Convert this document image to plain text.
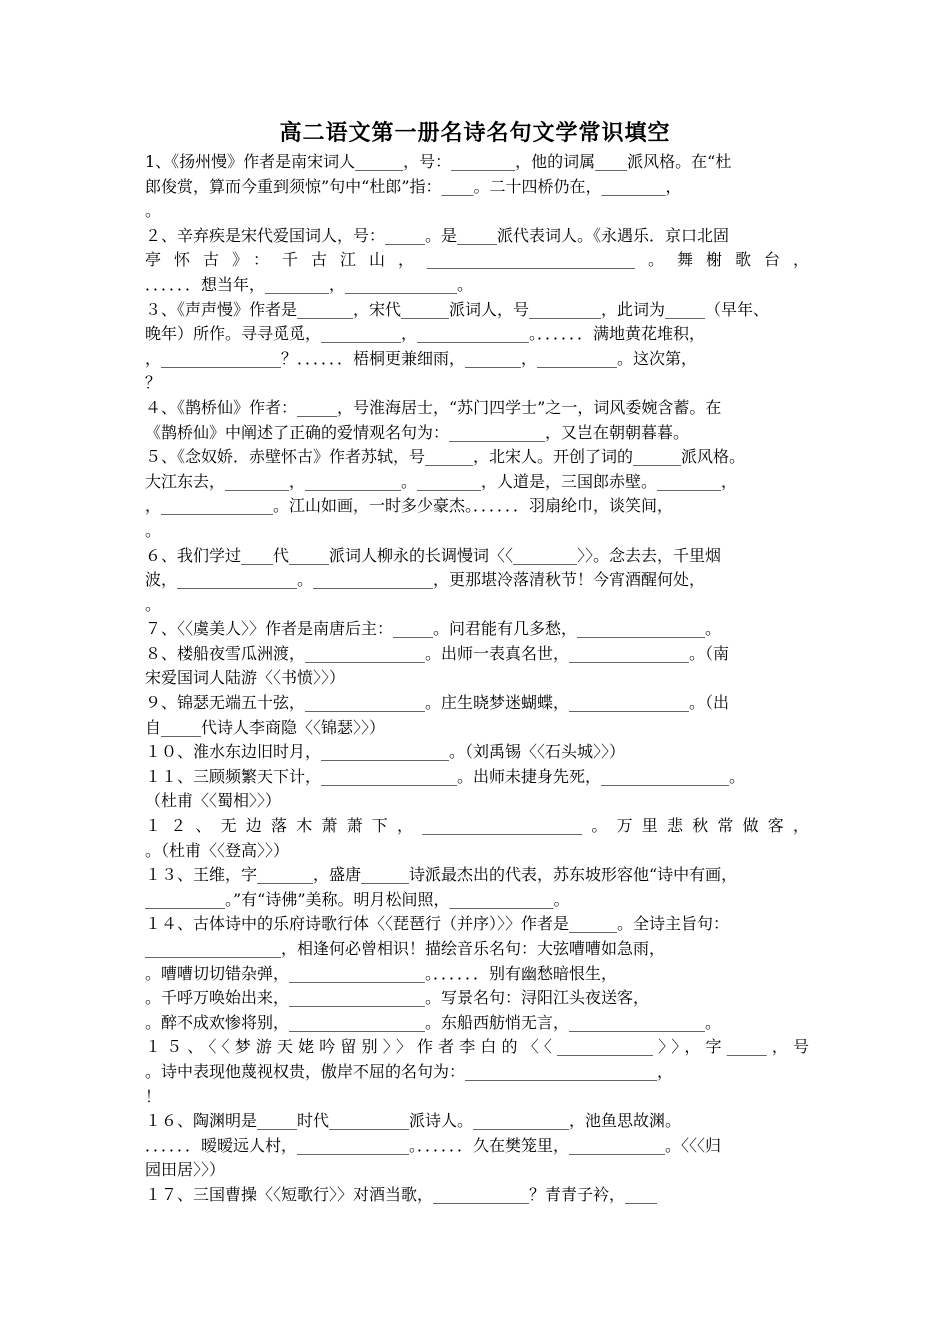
高二语文第一册名诗名句文学常识填空
1、《扬州慢》作者是南宋词人______，号：________，他的词属____派风格。在“杜
郎俊赏，算而今重到须惊”句中“杜郎”指：____。二十四桥仍在，________，
。
２、辛弃疾是宋代爱国词人，号：_____。是_____派代表词人。《永遇乐．京口北固
亭怀古》：千古江山，__________________________。舞榭歌台，
．．．．．．想当年，________，______________。
３、《声声慢》作者是_______，宋代______派词人，号_________，此词为_____（早年、
晚年）所作。寻寻觅觅，__________，______________。．．．．．．满地黄花堆积，
，_______________？．．．．．．梧桐更兼细雨，_______，__________。这次第，
？
４、《鹊桥仙》作者：_____，号淮海居士，“苏门四学士”之一，词风委婉含蓄。在
《鹊桥仙》中阐述了正确的爱情观名句为：____________，又岂在朝朝暮暮。
５、《念奴娇．赤壁怀古》作者苏轼，号______，北宋人。开创了词的______派风格。
大江东去，________，____________。________，人道是，三国郎赤壁。________，
，______________。江山如画，一时多少豪杰。．．．．．．羽扇纶巾，谈笑间，
。
６、我们学过____代_____派词人柳永的长调慢词〈〈________〉〉。念去去，千里烟
波，_______________。_______________，更那堪冷落清秋节！今宵酒醒何处，
。
７、〈〈虞美人〉〉作者是南唐后主：_____。问君能有几多愁，________________。
８、楼船夜雪瓜洲渡，_______________。出师一表真名世，_______________。（南
宋爱国词人陆游〈〈书愤〉〉）
９、锦瑟无端五十弦，_______________。庄生晓梦迷蝴蝶，_______________。（出
自_____代诗人李商隐〈〈锦瑟〉〉）
１０、淮水东边旧时月，________________。（刘禹锡〈〈石头城〉〉）
１１、三顾频繁天下计，_________________。出师未捷身先死，________________。
（杜甫〈〈蜀相〉〉）
１２、无边落木萧萧下，____________________。万里悲秋常做客，
。（杜甫〈〈登高〉〉）
１３、王维，字_______，盛唐______诗派最杰出的代表，苏东坡形容他“诗中有画，
__________。”有“诗佛”美称。明月松间照，_____________。
１４、古体诗中的乐府诗歌行体〈〈琵琶行（并序）〉〉作者是______。全诗主旨句：
_________________，相逢何必曾相识！描绘音乐名句：大弦嘈嘈如急雨，
。嘈嘈切切错杂弹，_________________。．．．．．．别有幽愁暗恨生，
。千呼万唤始出来，_________________。写景名句：浔阳江头夜送客，
。醉不成欢惨将别，_________________。东船西舫悄无言，_________________。
１５、〈〈梦游天姥吟留别〉〉作者李白的〈〈____________〉〉，字_____，号
。诗中表现他蔑视权贵，傲岸不屈的名句为：________________________，
！
１６、陶渊明是_____时代__________派诗人。____________，池鱼思故渊。
．．．．．．暧暧远人村，______________。．．．．．．久在樊笼里，____________。〈〈〈归
园田居〉〉）
１７、三国曹操〈〈短歌行〉〉对酒当歌，____________？青青子衿，____
